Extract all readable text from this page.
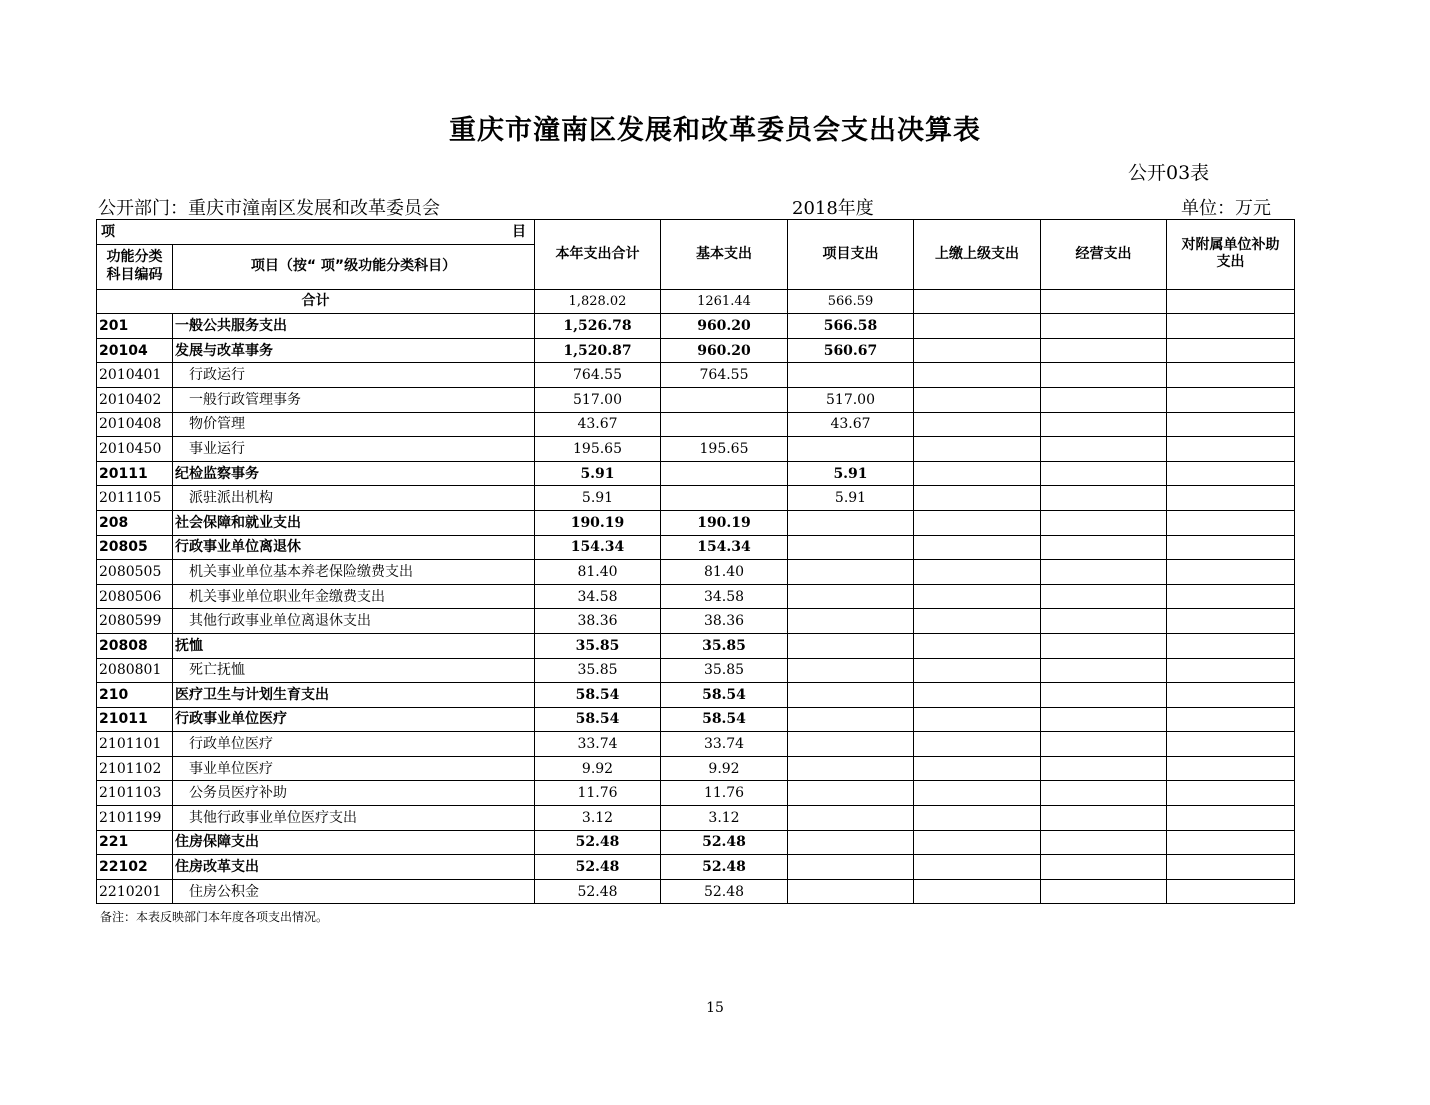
重庆市潼南区发展和改革委员会支出决算表
公开03表
公开部门：重庆市潼南区发展和改革委员会	2018年度	单位：万元
项 目		本年支出合计	基本支出	项目支出	上缴上级支出	经营支出	对附属单位补助支出

功能分类科目编码	项目（按“ 项”级功能分类科目）						
合计		1,828.02	1261.44	566.59			
201	一般公共服务支出	1,526.78	960.20	566.58			
20104	发展与改革事务	1,520.87	960.20	560.67			
2010401	行政运行	764.55	764.55				
2010402	一般行政管理事务	517.00		517.00			
2010408	物价管理	43.67		43.67			
2010450	事业运行	195.65	195.65				
20111	纪检监察事务	5.91		5.91			
2011105	派驻派出机构	5.91		5.91			
208	社会保障和就业支出	190.19	190.19				
20805	行政事业单位离退休	154.34	154.34				
2080505	机关事业单位基本养老保险缴费支出	81.40	81.40				
2080506	机关事业单位职业年金缴费支出	34.58	34.58				
2080599	其他行政事业单位离退休支出	38.36	38.36				
20808	抚恤	35.85	35.85				
2080801	死亡抚恤	35.85	35.85				
210	医疗卫生与计划生育支出	58.54	58.54				
21011	行政事业单位医疗	58.54	58.54				
2101101	行政单位医疗	33.74	33.74				
2101102	事业单位医疗	9.92	9.92				
2101103	公务员医疗补助	11.76	11.76				
2101199	其他行政事业单位医疗支出	3.12	3.12				
221	住房保障支出	52.48	52.48				
22102	住房改革支出	52.48	52.48				
2210201	住房公积金	52.48	52.48				
备注：本表反映部门本年度各项支出情况。
15
